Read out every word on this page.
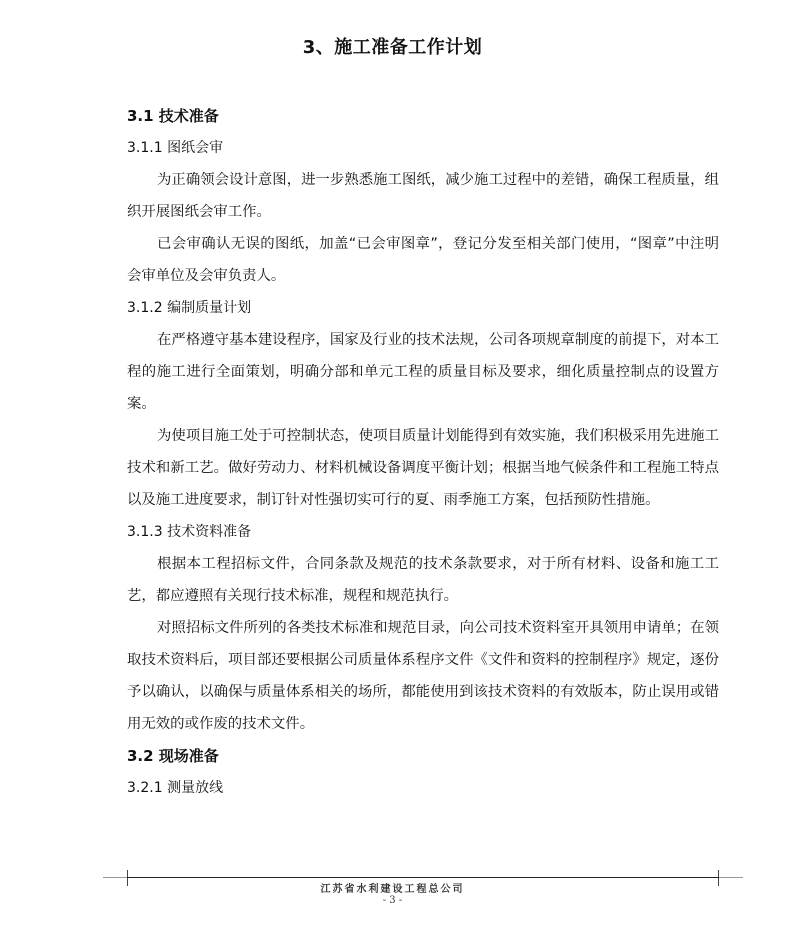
3、施工准备工作计划
3.1 技术准备
3.1.1 图纸会审
为正确领会设计意图，进一步熟悉施工图纸，减少施工过程中的差错，确保工程质量，组织开展图纸会审工作。
已会审确认无误的图纸，加盖“已会审图章”，登记分发至相关部门使用，“图章”中注明会审单位及会审负责人。
3.1.2 编制质量计划
在严格遵守基本建设程序，国家及行业的技术法规，公司各项规章制度的前提下，对本工程的施工进行全面策划，明确分部和单元工程的质量目标及要求，细化质量控制点的设置方案。
为使项目施工处于可控制状态，使项目质量计划能得到有效实施，我们积极采用先进施工技术和新工艺。做好劳动力、材料机械设备调度平衡计划；根据当地气候条件和工程施工特点以及施工进度要求，制订针对性强切实可行的夏、雨季施工方案，包括预防性措施。
3.1.3 技术资料准备
根据本工程招标文件，合同条款及规范的技术条款要求，对于所有材料、设备和施工工艺，都应遵照有关现行技术标准，规程和规范执行。
对照招标文件所列的各类技术标准和规范目录，向公司技术资料室开具领用申请单；在领取技术资料后，项目部还要根据公司质量体系程序文件《文件和资料的控制程序》规定，逐份予以确认，以确保与质量体系相关的场所，都能使用到该技术资料的有效版本，防止误用或错用无效的或作废的技术文件。
3.2 现场准备
3.2.1 测量放线
江苏省水利建设工程总公司
- 3 -
